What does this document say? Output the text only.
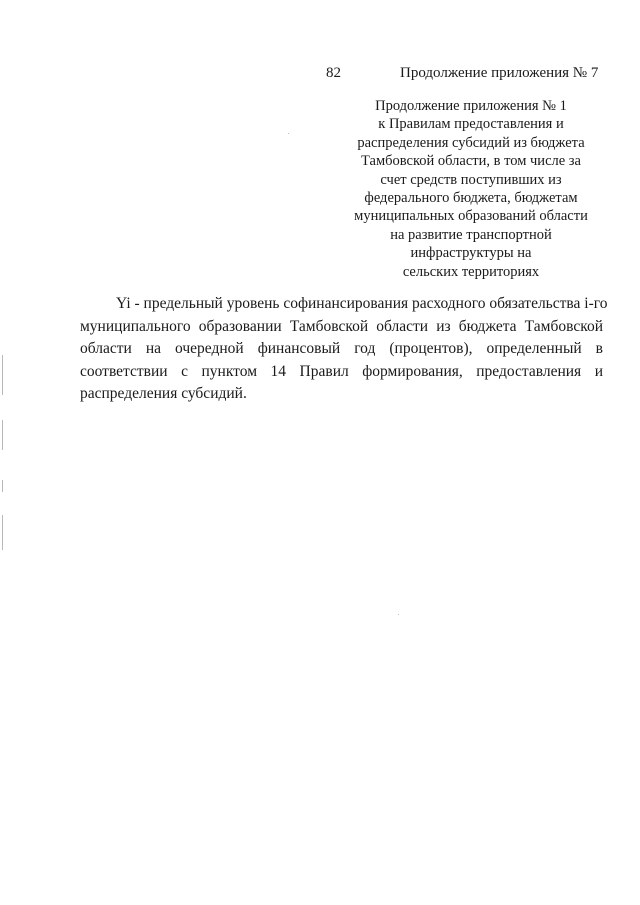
82	Продолжение приложения № 7
Продолжение приложения № 1
к Правилам предоставления и
распределения субсидий из бюджета
Тамбовской области, в том числе за
счет средств поступивших из
федерального бюджета, бюджетам
муниципальных образований области
на развитие транспортной
инфраструктуры на
сельских территориях
Yi - предельный уровень софинансирования расходного обязательства i-го
муниципального образовании Тамбовской области из бюджета Тамбовской
области на очередной финансовый год (процентов), определенный в
соответствии с пунктом 14 Правил формирования, предоставления и
распределения субсидий.
